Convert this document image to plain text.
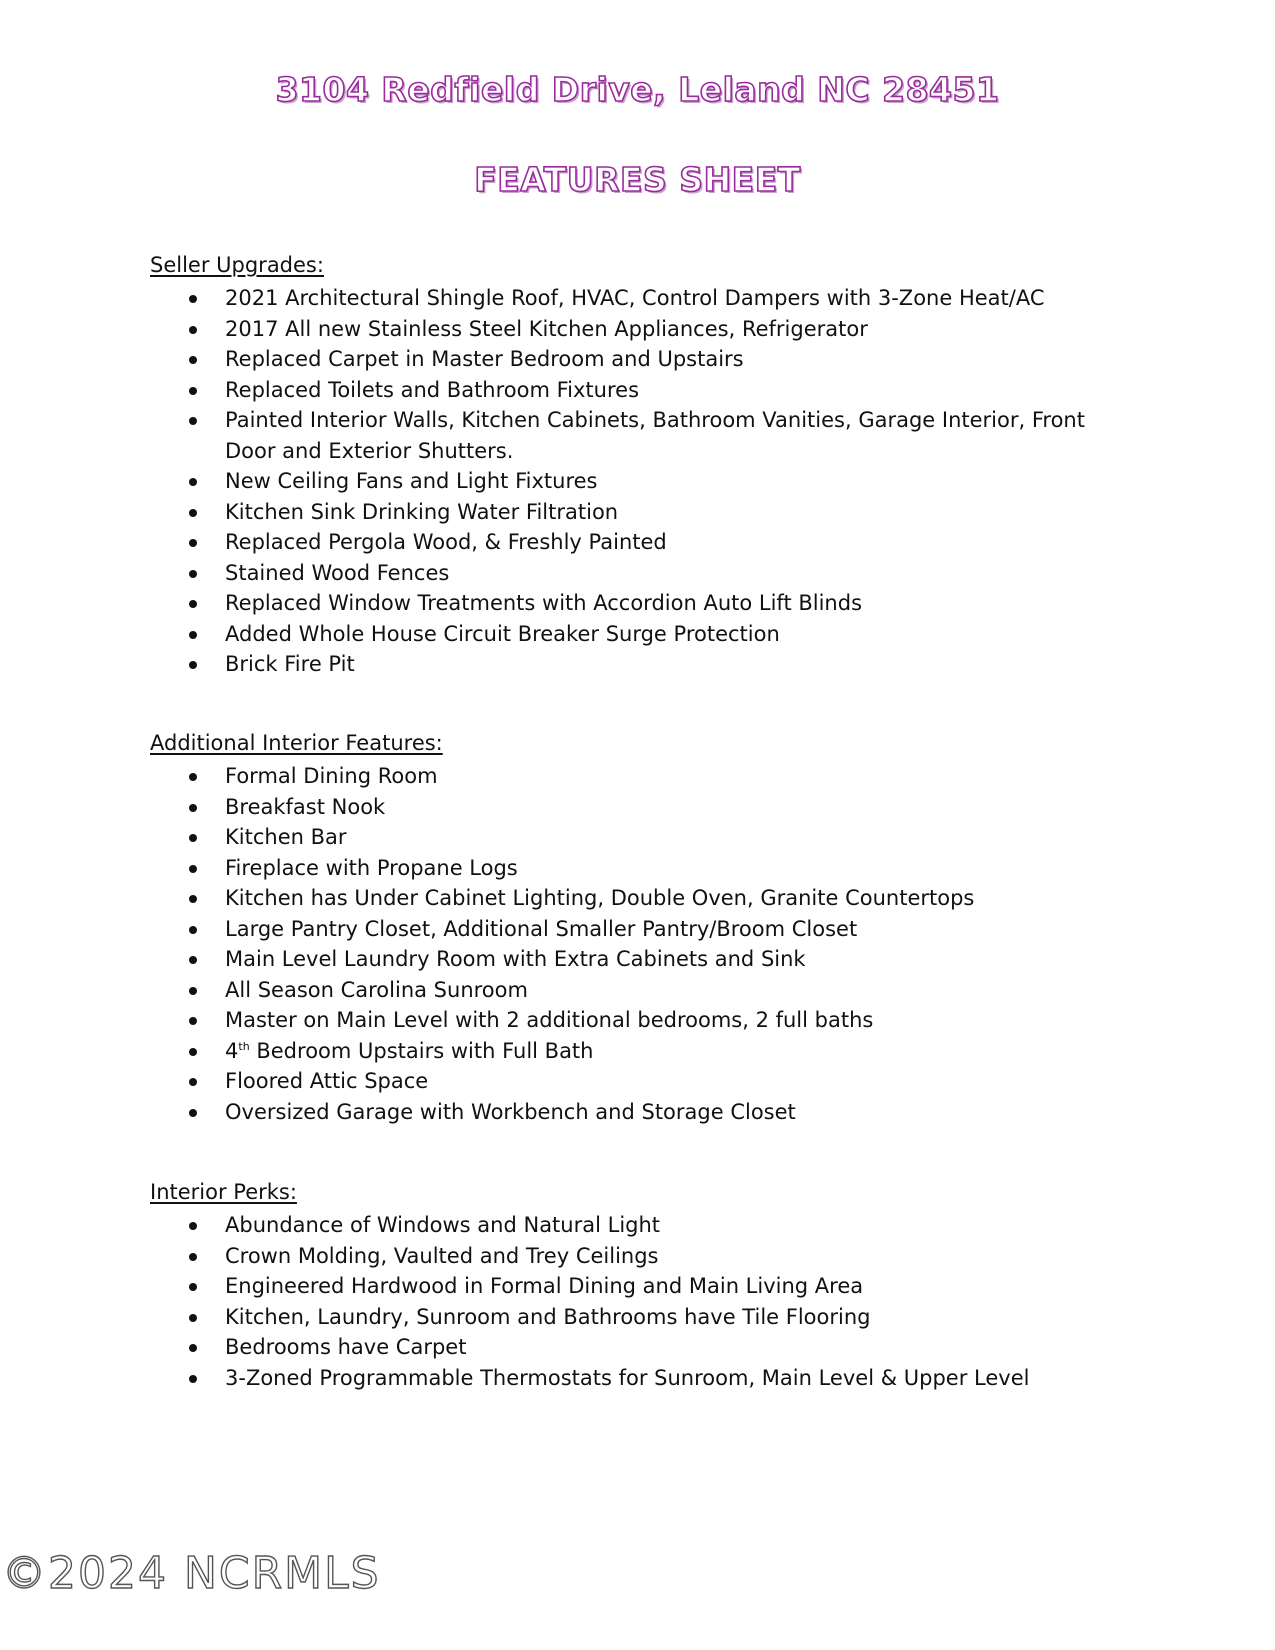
3104 Redfield Drive, Leland NC 28451
FEATURES SHEET
Seller Upgrades:
2021 Architectural Shingle Roof, HVAC, Control Dampers with 3-Zone Heat/AC
2017 All new Stainless Steel Kitchen Appliances, Refrigerator
Replaced Carpet in Master Bedroom and Upstairs
Replaced Toilets and Bathroom Fixtures
Painted Interior Walls, Kitchen Cabinets, Bathroom Vanities, Garage Interior, Front Door and Exterior Shutters.
New Ceiling Fans and Light Fixtures
Kitchen Sink Drinking Water Filtration
Replaced Pergola Wood, & Freshly Painted
Stained Wood Fences
Replaced Window Treatments with Accordion Auto Lift Blinds
Added Whole House Circuit Breaker Surge Protection
Brick Fire Pit
Additional Interior Features:
Formal Dining Room
Breakfast Nook
Kitchen Bar
Fireplace with Propane Logs
Kitchen has Under Cabinet Lighting, Double Oven, Granite Countertops
Large Pantry Closet, Additional Smaller Pantry/Broom Closet
Main Level Laundry Room with Extra Cabinets and Sink
All Season Carolina Sunroom
Master on Main Level with 2 additional bedrooms, 2 full baths
4th Bedroom Upstairs with Full Bath
Floored Attic Space
Oversized Garage with Workbench and Storage Closet
Interior Perks:
Abundance of Windows and Natural Light
Crown Molding, Vaulted and Trey Ceilings
Engineered Hardwood in Formal Dining and Main Living Area
Kitchen, Laundry, Sunroom and Bathrooms have Tile Flooring
Bedrooms have Carpet
3-Zoned Programmable Thermostats for Sunroom, Main Level & Upper Level
©2024 NCRMLS
